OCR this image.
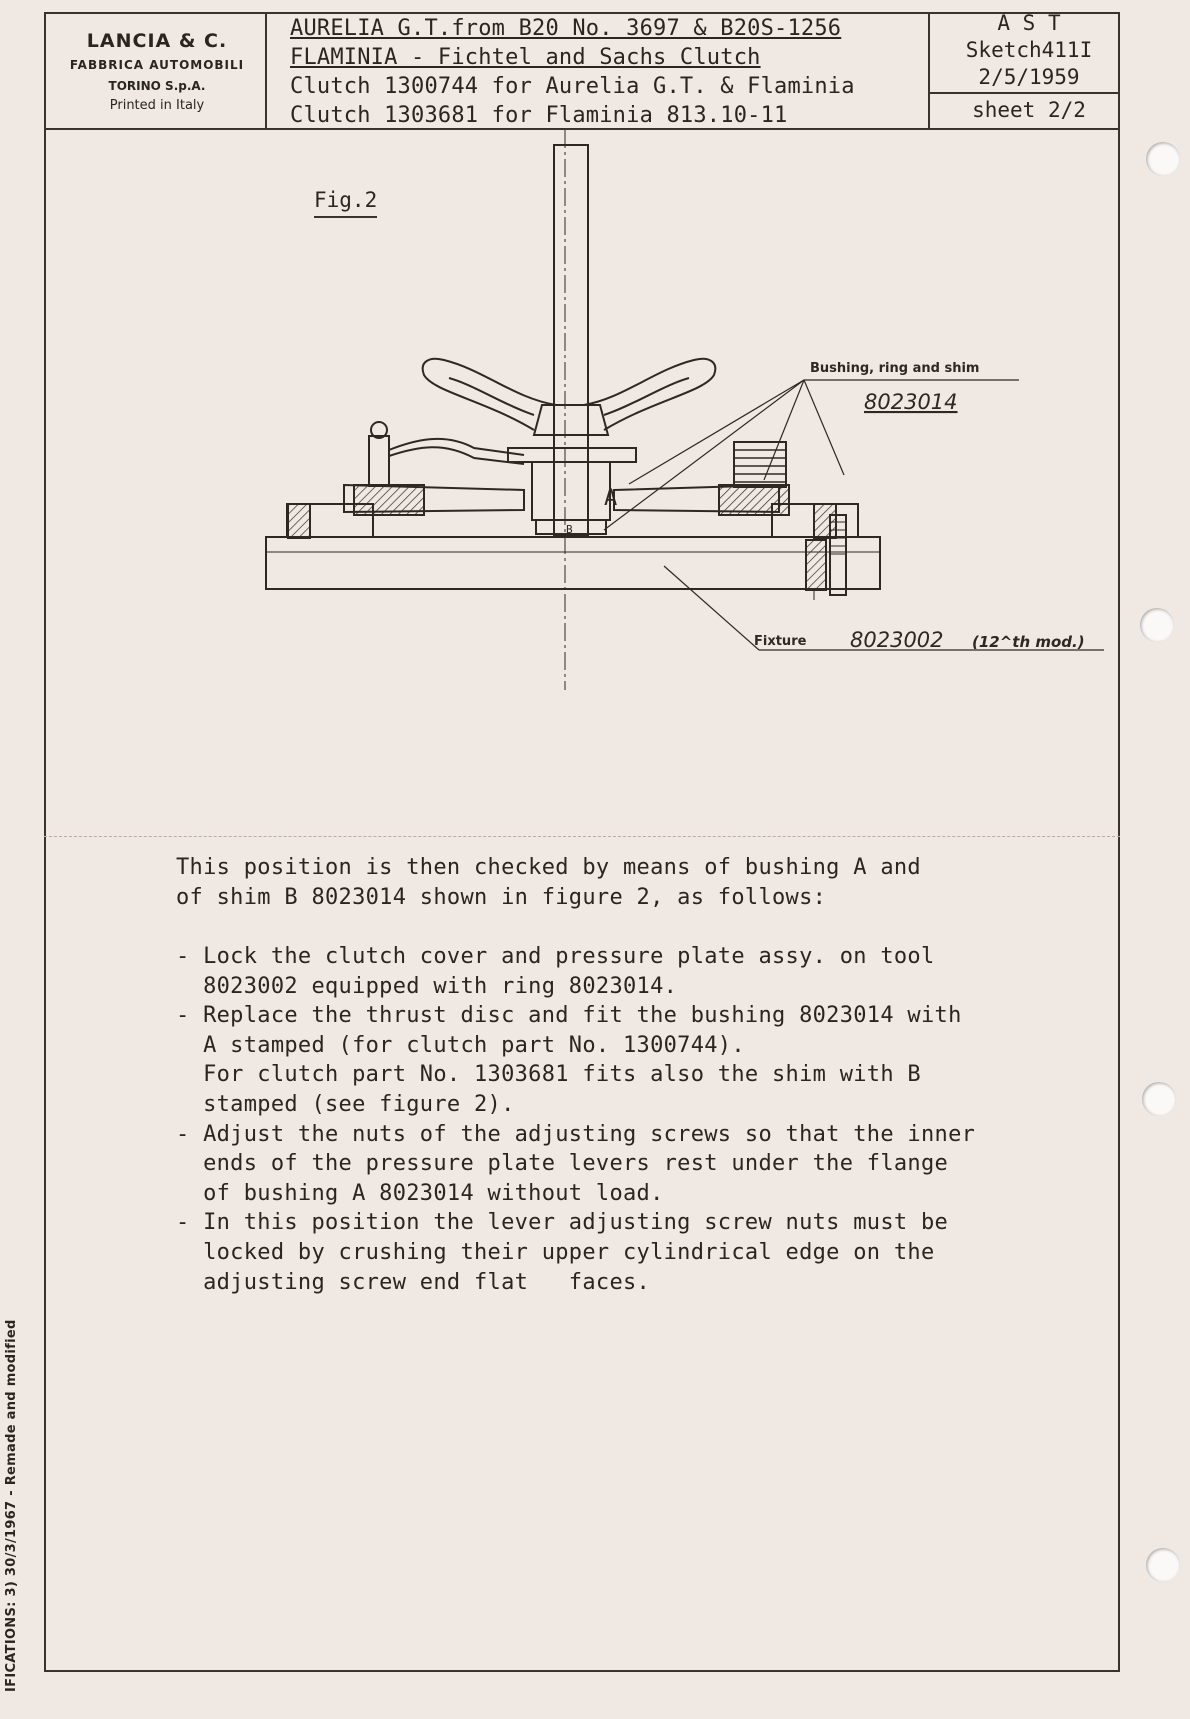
LANCIA & C.
FABBRICA AUTOMOBILI
TORINO S.p.A.
Printed in Italy
AURELIA G.T.from B20 No. 3697 & B20S-1256
FLAMINIA - Fichtel and Sachs Clutch
Clutch 1300744 for Aurelia G.T. & Flaminia
Clutch 1303681 for Flaminia 813.10-11
A S T
Sketch411I
2/5/1959
sheet 2/2
Fig.2
A
B
Bushing, ring and shim
8023014
Fixture 8023002 (12^th mod.)
This position is then checked by means of bushing A and
of shim B 8023014 shown in figure 2, as follows:
- Lock the clutch cover and pressure plate assy. on tool
8023002 equipped with ring 8023014.
- Replace the thrust disc and fit the bushing 8023014 with
A stamped (for clutch part No. 1300744).
For clutch part No. 1303681 fits also the shim with B
stamped (see figure 2).
- Adjust the nuts of the adjusting screws so that the inner
ends of the pressure plate levers rest under the flange
of bushing A 8023014 without load.
- In this position the lever adjusting screw nuts must be
locked by crushing their upper cylindrical edge on the
adjusting screw end flat   faces.
IFICATIONS: 3) 30/3/1967 - Remade and modified
